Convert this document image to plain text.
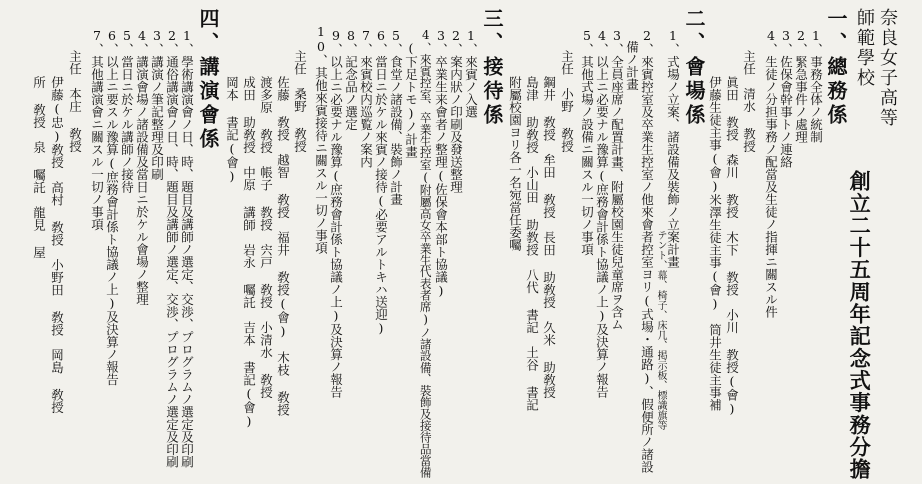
奈良女子高等
師範學校
創立二十五周年記念式事務分擔
一、總務係
1、事務全体ノ統制
2、緊急事件ノ處理
3、佐保會幹事トノ連絡
4、生徒ノ分担事務ノ配當及生徒ノ指揮ニ關スル件
主任　清水 教授
眞田 教授　森川 教授　木下 教授　小川 教授(會)
伊藤生徒主事(會)米澤生徒主事(會)　筒井生徒主事補
二、會場係
1、式場ノ立案、諸設備及裝飾ノ立案計畫
テント、幕、椅子、床几、掲示板、標識旗等
2、來賓控室及卒業生控室ノ他來會者控室ヨリ(式場・通路)、假便所ノ諸設
　備ノ計畫
3、全員座席ノ配置計畫、附屬校園生徒兒童席ヲ含ム
4、以上ニ必要ナル豫算(庶務會計係ト協議ノ上)及決算ノ報告
5、其他式場ノ設備ニ關スル一切ノ事項
主任　小野 敎授
鋼井 敎授　牟田 敎授　長田 助敎授　久米 助敎授
島津 助敎授　小山田 助教授　八代 書記　土谷 書記
附屬校園ヨリ各一名宛當任委囑
三、接待係
1、來賓ノ入選
2、案内狀ノ印刷及發送整理
3、卒業生来會者ノ整理(佐保會本部ト協議)
4、來賓控室、卒業生控室(附屬高女卒業生代表者席)ノ諸設備、裝飾及接待品當備
　(下足トモ)ノ計畫
5、食堂ノ諸設備、裝飾ノ計畫
6、當日ニ於ケル來賓ノ接待(必要アルトキハ送迎)
7、來賓校内巡覧ノ案内
8、記念品ノ選定
9、以上ニ必要ナル豫算(庶務會計係ト協議ノ上)及決算ノ報告
10、其他來賓接待ニ關スル一切ノ事項
主任　桑野 敎授
佐藤 敎授　越智 敎授　福井 敎授(會)　木枝 敎授
渡多原 敎授　帳子 教授　宍戸 敎授　小清水 敎授
成田 助敎授　中原 講師　岩永 囑託　吉本 書記(會)
岡本 書記(會)
四、講演會係
1、學術講演會ノ日、時、題目及講師ノ選定、交渉、プログラムノ選定及印刷
2、通俗講演會ノ日、時、題目及講師ノ選定、交渉、プログラムノ選定及印刷
3、講演ノ筆記整理及印刷
4、講演會場ノ諸設備及當日ニ於ケル會場ノ整理
5、當日ニ於ケル講師ノ接待
6、以上ニ要スル豫算(庶務會計係ト協議ノ上)及決算ノ報告
7、其他講演會ニ關スル一切ノ事項
主任　本庄 敎授
伊藤(忠)敎授　高村 敎授　小野田 敎授　岡島 敎授
所 敎授　泉 囑託　龍見 屋
